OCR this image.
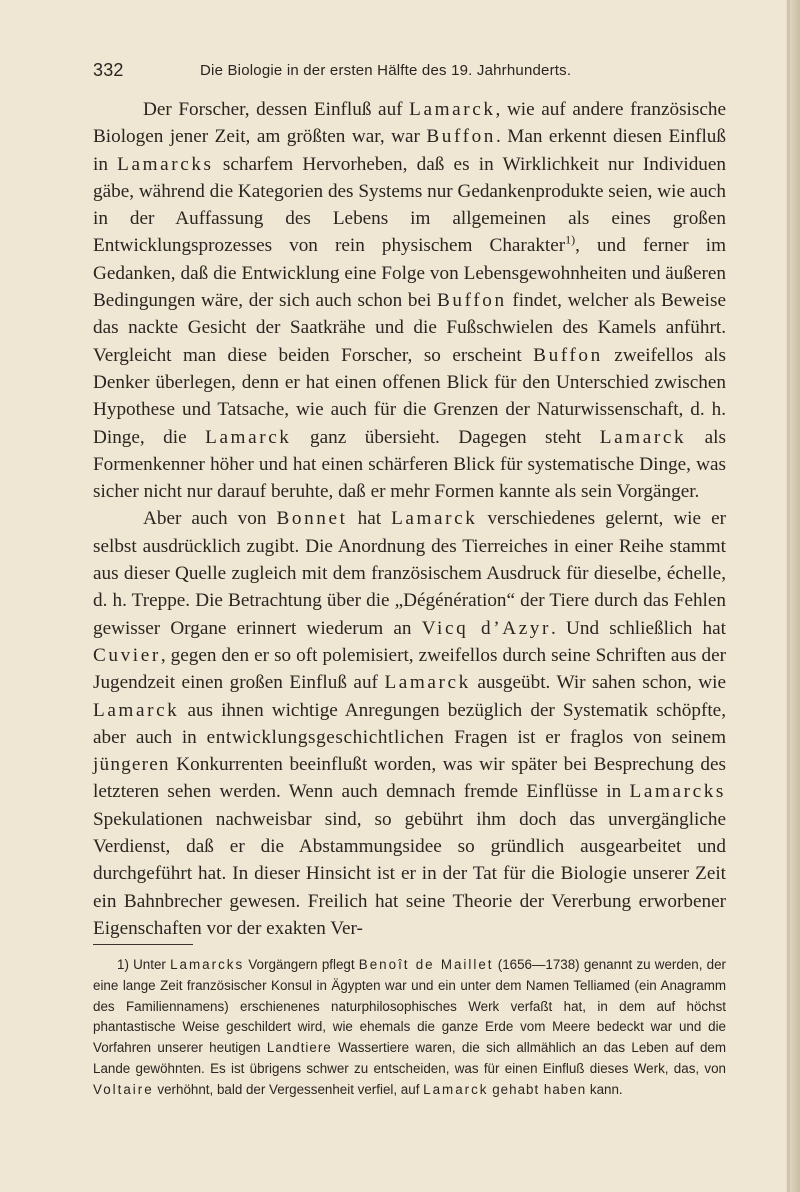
332	Die Biologie in der ersten Hälfte des 19. Jahrhunderts.

Der Forscher, dessen Einfluß auf Lamarck, wie auf andere französische Biologen jener Zeit, am größten war, war Buffon. Man erkennt diesen Einfluß in Lamarcks scharfem Hervorheben, daß es in Wirklichkeit nur Individuen gäbe, während die Kategorien des Systems nur Gedankenprodukte seien, wie auch in der Auffassung des Lebens im allgemeinen als eines großen Entwicklungsprozesses von rein physischem Charakter$^{1)}$, und ferner im Gedanken, daß die Entwicklung eine Folge von Lebensgewohnheiten und äußeren Bedingungen wäre, der sich auch schon bei Buffon findet, welcher als Beweise das nackte Gesicht der Saatkrähe und die Fußschwielen des Kamels anführt. Vergleicht man diese beiden Forscher, so erscheint Buffon zweifellos als Denker überlegen, denn er hat einen offenen Blick für den Unterschied zwischen Hypothese und Tatsache, wie auch für die Grenzen der Naturwissenschaft, d. h. Dinge, die Lamarck ganz übersieht. Dagegen steht Lamarck als Formenkenner höher und hat einen schärferen Blick für systematische Dinge, was sicher nicht nur darauf beruhte, daß er mehr Formen kannte als sein Vorgänger.

Aber auch von Bonnet hat Lamarck verschiedenes gelernt, wie er selbst ausdrücklich zugibt. Die Anordnung des Tierreiches in einer Reihe stammt aus dieser Quelle zugleich mit dem französischem Ausdruck für dieselbe, échelle, d. h. Treppe. Die Betrachtung über die „Dégénération“ der Tiere durch das Fehlen gewisser Organe erinnert wiederum an Vicq d’Azyr. Und schließlich hat Cuvier, gegen den er so oft polemisiert, zweifellos durch seine Schriften aus der Jugendzeit einen großen Einfluß auf Lamarck ausgeübt. Wir sahen schon, wie Lamarck aus ihnen wichtige Anregungen bezüglich der Systematik schöpfte, aber auch in entwicklungsgeschichtlichen Fragen ist er fraglos von seinem jüngeren Konkurrenten beeinflußt worden, was wir später bei Besprechung des letzteren sehen werden. Wenn auch demnach fremde Einflüsse in Lamarcks Spekulationen nachweisbar sind, so gebührt ihm doch das unvergängliche Verdienst, daß er die Abstammungsidee so gründlich ausgearbeitet und durchgeführt hat. In dieser Hinsicht ist er in der Tat für die Biologie unserer Zeit ein Bahnbrecher gewesen. Freilich hat seine Theorie der Vererbung erworbener Eigenschaften vor der exakten Ver-

1) Unter Lamarcks Vorgängern pflegt Benoît de Maillet (1656—1738) genannt zu werden, der eine lange Zeit französischer Konsul in Ägypten war und ein unter dem Namen Telliamed (ein Anagramm des Familiennamens) erschienenes naturphilosophisches Werk verfaßt hat, in dem auf höchst phantastische Weise geschildert wird, wie ehemals die ganze Erde vom Meere bedeckt war und die Vorfahren unserer heutigen Landtiere Wassertiere waren, die sich allmählich an das Leben auf dem Lande gewöhnten. Es ist übrigens schwer zu entscheiden, was für einen Einfluß dieses Werk, das, von Voltaire verhöhnt, bald der Vergessenheit verfiel, auf Lamarck gehabt haben kann.
